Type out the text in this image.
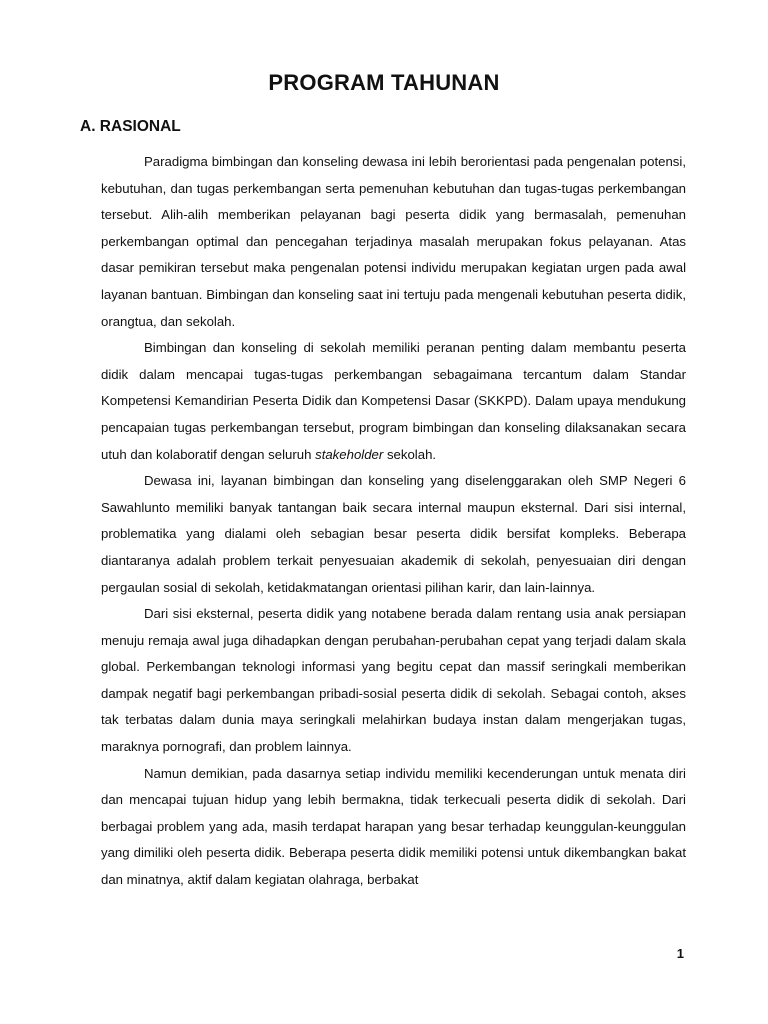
PROGRAM TAHUNAN
A. RASIONAL

Paradigma bimbingan dan konseling dewasa ini lebih berorientasi pada pengenalan potensi, kebutuhan, dan tugas perkembangan serta pemenuhan kebutuhan dan tugas-tugas perkembangan tersebut. Alih-alih memberikan pelayanan bagi peserta didik yang bermasalah, pemenuhan perkembangan optimal dan pencegahan terjadinya masalah merupakan fokus pelayanan. Atas dasar pemikiran tersebut maka pengenalan potensi individu merupakan kegiatan urgen pada awal layanan bantuan. Bimbingan dan konseling saat ini tertuju pada mengenali kebutuhan peserta didik, orangtua, dan sekolah.

Bimbingan dan konseling di sekolah memiliki peranan penting dalam membantu peserta didik dalam mencapai tugas-tugas perkembangan sebagaimana tercantum dalam Standar Kompetensi Kemandirian Peserta Didik dan Kompetensi Dasar (SKKPD). Dalam upaya mendukung pencapaian tugas perkembangan tersebut, program bimbingan dan konseling dilaksanakan secara utuh dan kolaboratif dengan seluruh stakeholder sekolah.

Dewasa ini, layanan bimbingan dan konseling yang diselenggarakan oleh SMP Negeri 6 Sawahlunto memiliki banyak tantangan baik secara internal maupun eksternal. Dari sisi internal, problematika yang dialami oleh sebagian besar peserta didik bersifat kompleks. Beberapa diantaranya adalah problem terkait penyesuaian akademik di sekolah, penyesuaian diri dengan pergaulan sosial di sekolah, ketidakmatangan orientasi pilihan karir, dan lain-lainnya.

Dari sisi eksternal, peserta didik yang notabene berada dalam rentang usia anak persiapan menuju remaja awal juga dihadapkan dengan perubahan-perubahan cepat yang terjadi dalam skala global. Perkembangan teknologi informasi yang begitu cepat dan massif seringkali memberikan dampak negatif bagi perkembangan pribadi-sosial peserta didik di sekolah. Sebagai contoh, akses tak terbatas dalam dunia maya seringkali melahirkan budaya instan dalam mengerjakan tugas, maraknya pornografi, dan problem lainnya.

Namun demikian, pada dasarnya setiap individu memiliki kecenderungan untuk menata diri dan mencapai tujuan hidup yang lebih bermakna, tidak terkecuali peserta didik di sekolah. Dari berbagai problem yang ada, masih terdapat harapan yang besar terhadap keunggulan-keunggulan yang dimiliki oleh peserta didik. Beberapa peserta didik memiliki potensi untuk dikembangkan bakat dan minatnya, aktif dalam kegiatan olahraga, berbakat

1
